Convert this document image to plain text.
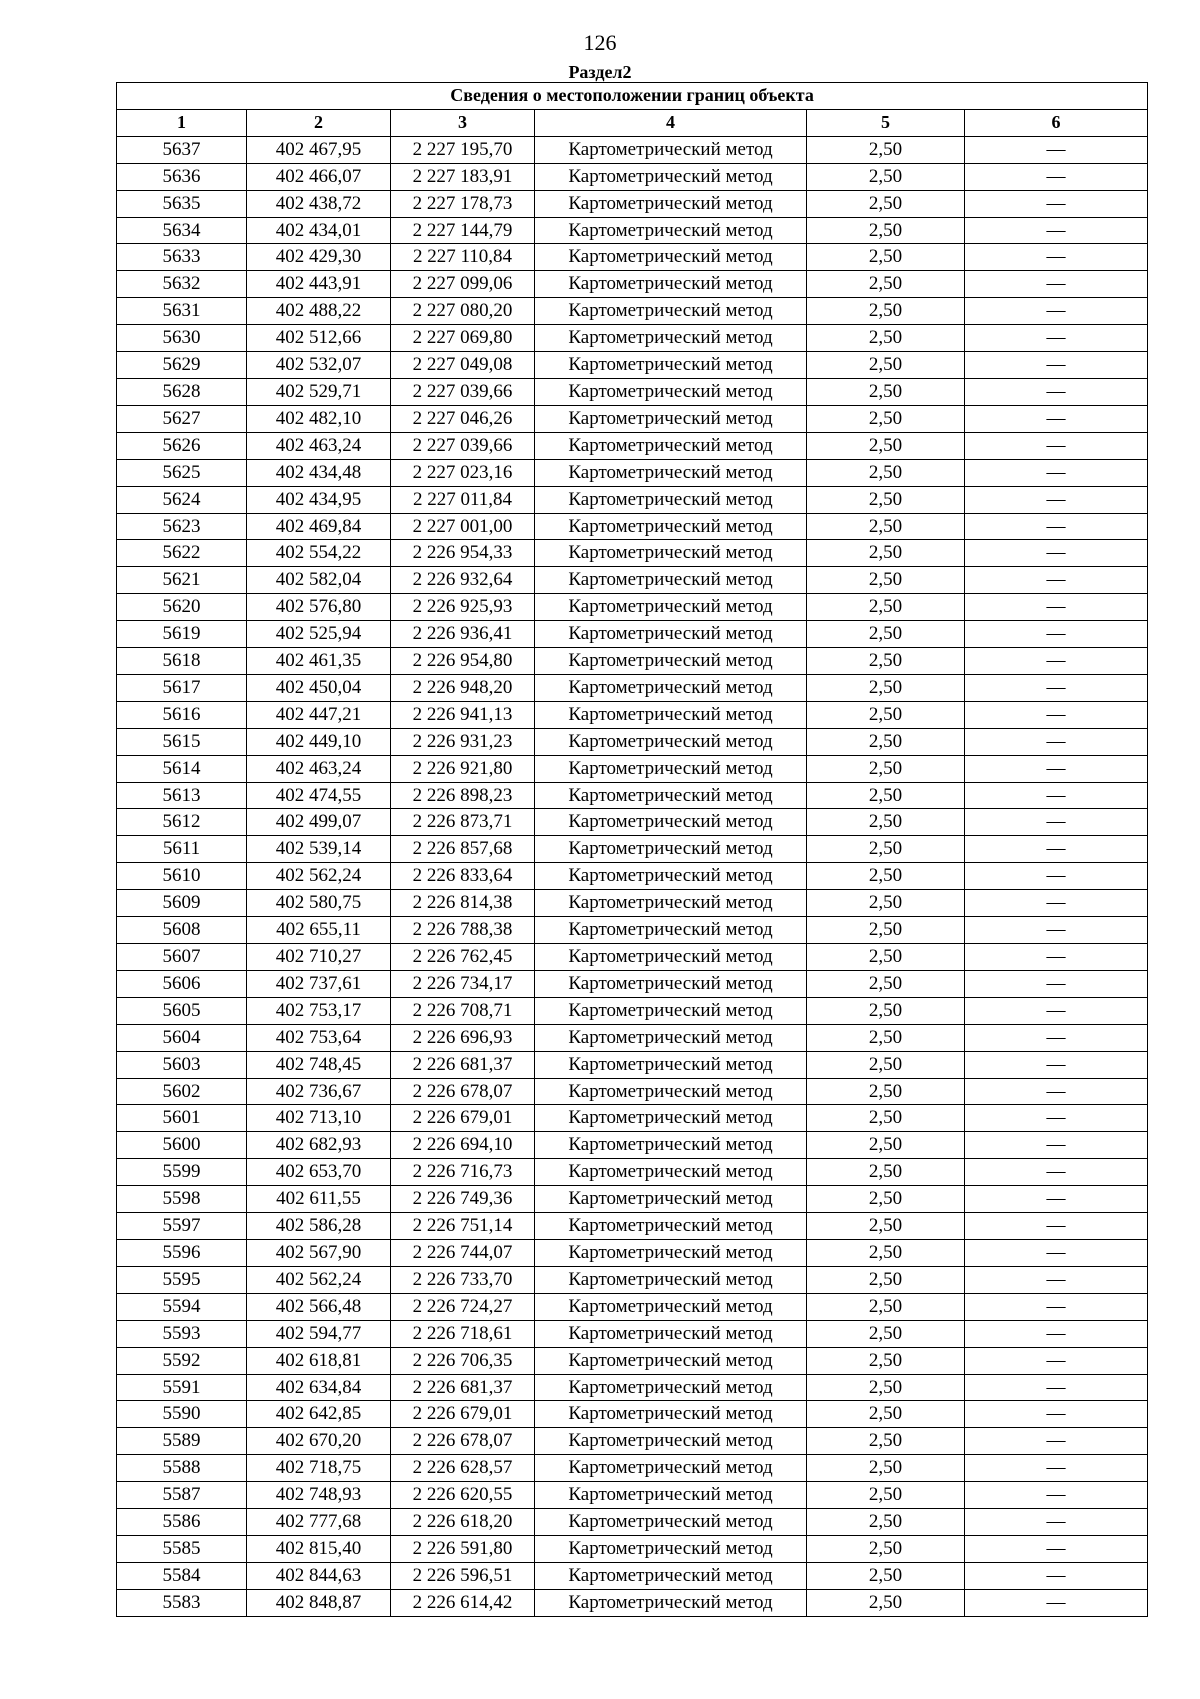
126
Раздел2
Сведения о местоположении границ объекта					
1	2	3	4	5	6
5637	402 467,95	2 227 195,70	Картометрический метод	2,50	—
5636	402 466,07	2 227 183,91	Картометрический метод	2,50	—
5635	402 438,72	2 227 178,73	Картометрический метод	2,50	—
5634	402 434,01	2 227 144,79	Картометрический метод	2,50	—
5633	402 429,30	2 227 110,84	Картометрический метод	2,50	—
5632	402 443,91	2 227 099,06	Картометрический метод	2,50	—
5631	402 488,22	2 227 080,20	Картометрический метод	2,50	—
5630	402 512,66	2 227 069,80	Картометрический метод	2,50	—
5629	402 532,07	2 227 049,08	Картометрический метод	2,50	—
5628	402 529,71	2 227 039,66	Картометрический метод	2,50	—
5627	402 482,10	2 227 046,26	Картометрический метод	2,50	—
5626	402 463,24	2 227 039,66	Картометрический метод	2,50	—
5625	402 434,48	2 227 023,16	Картометрический метод	2,50	—
5624	402 434,95	2 227 011,84	Картометрический метод	2,50	—
5623	402 469,84	2 227 001,00	Картометрический метод	2,50	—
5622	402 554,22	2 226 954,33	Картометрический метод	2,50	—
5621	402 582,04	2 226 932,64	Картометрический метод	2,50	—
5620	402 576,80	2 226 925,93	Картометрический метод	2,50	—
5619	402 525,94	2 226 936,41	Картометрический метод	2,50	—
5618	402 461,35	2 226 954,80	Картометрический метод	2,50	—
5617	402 450,04	2 226 948,20	Картометрический метод	2,50	—
5616	402 447,21	2 226 941,13	Картометрический метод	2,50	—
5615	402 449,10	2 226 931,23	Картометрический метод	2,50	—
5614	402 463,24	2 226 921,80	Картометрический метод	2,50	—
5613	402 474,55	2 226 898,23	Картометрический метод	2,50	—
5612	402 499,07	2 226 873,71	Картометрический метод	2,50	—
5611	402 539,14	2 226 857,68	Картометрический метод	2,50	—
5610	402 562,24	2 226 833,64	Картометрический метод	2,50	—
5609	402 580,75	2 226 814,38	Картометрический метод	2,50	—
5608	402 655,11	2 226 788,38	Картометрический метод	2,50	—
5607	402 710,27	2 226 762,45	Картометрический метод	2,50	—
5606	402 737,61	2 226 734,17	Картометрический метод	2,50	—
5605	402 753,17	2 226 708,71	Картометрический метод	2,50	—
5604	402 753,64	2 226 696,93	Картометрический метод	2,50	—
5603	402 748,45	2 226 681,37	Картометрический метод	2,50	—
5602	402 736,67	2 226 678,07	Картометрический метод	2,50	—
5601	402 713,10	2 226 679,01	Картометрический метод	2,50	—
5600	402 682,93	2 226 694,10	Картометрический метод	2,50	—
5599	402 653,70	2 226 716,73	Картометрический метод	2,50	—
5598	402 611,55	2 226 749,36	Картометрический метод	2,50	—
5597	402 586,28	2 226 751,14	Картометрический метод	2,50	—
5596	402 567,90	2 226 744,07	Картометрический метод	2,50	—
5595	402 562,24	2 226 733,70	Картометрический метод	2,50	—
5594	402 566,48	2 226 724,27	Картометрический метод	2,50	—
5593	402 594,77	2 226 718,61	Картометрический метод	2,50	—
5592	402 618,81	2 226 706,35	Картометрический метод	2,50	—
5591	402 634,84	2 226 681,37	Картометрический метод	2,50	—
5590	402 642,85	2 226 679,01	Картометрический метод	2,50	—
5589	402 670,20	2 226 678,07	Картометрический метод	2,50	—
5588	402 718,75	2 226 628,57	Картометрический метод	2,50	—
5587	402 748,93	2 226 620,55	Картометрический метод	2,50	—
5586	402 777,68	2 226 618,20	Картометрический метод	2,50	—
5585	402 815,40	2 226 591,80	Картометрический метод	2,50	—
5584	402 844,63	2 226 596,51	Картометрический метод	2,50	—
5583	402 848,87	2 226 614,42	Картометрический метод	2,50	—
